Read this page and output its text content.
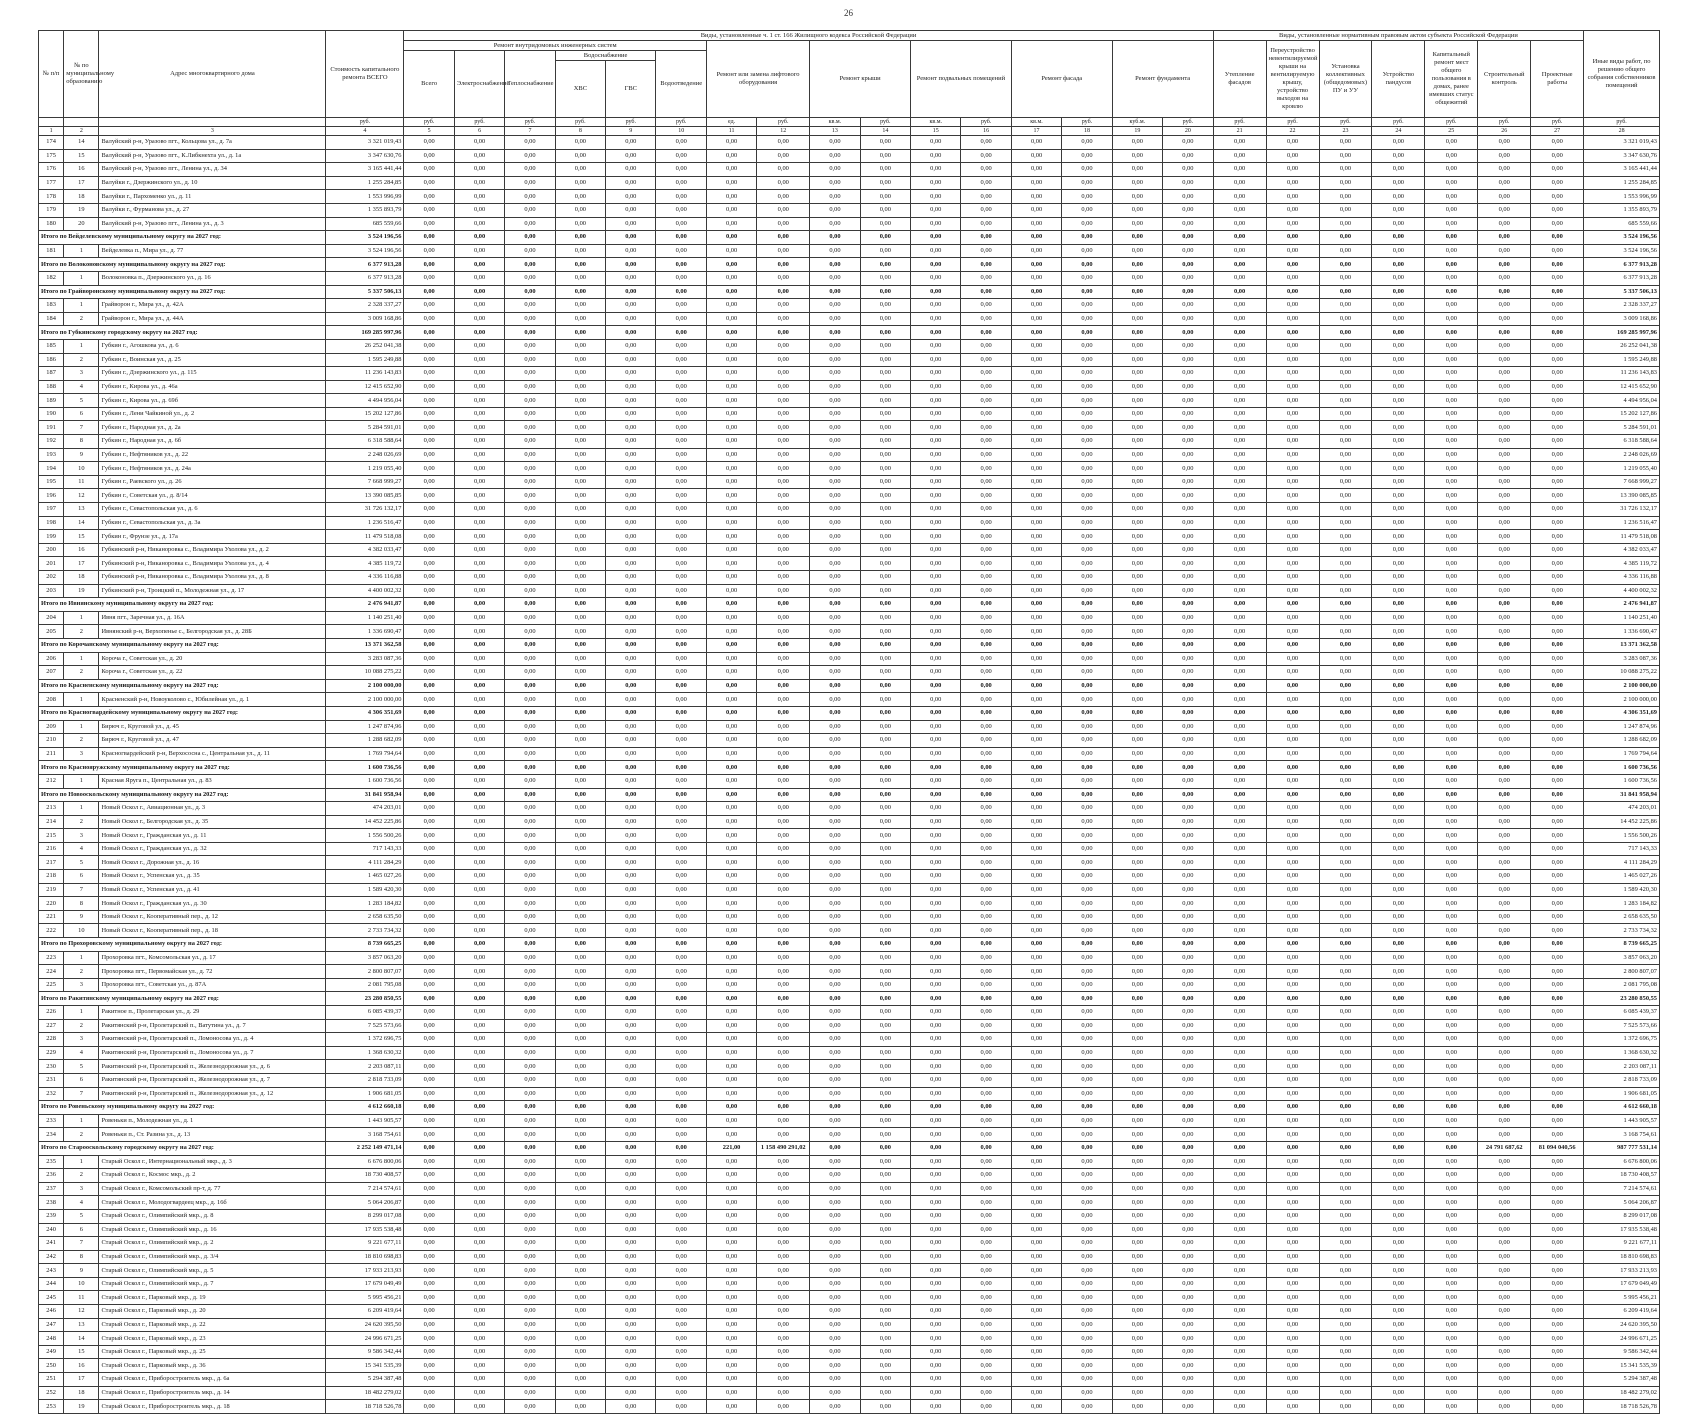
26
№ п/п	№ по муниципальному образованию	Адрес многоквартирного дома	Стоимость капитального ремонта ВСЕГО	Виды, установленные ч. 1 ст. 166 Жилищного кодекса Российской Федерации																Виды, установленные нормативным правовым актом субъекта Российской Федерации							Иные виды работ, по решению общего собрания собственников помещений
				Ремонт внутридомовых инженерных систем						Ремонт или замена лифтового оборудования		Ремонт крыши		Ремонт подвальных помещений		Ремонт фасада		Ремонт фундамента		Утепление фасадов	Переустройство невентилируемой крыши на вентилируемую крышу, устройство выходов на кровлю	Установка коллективных (общедомовых) ПУ и УУ	Устройство пандусов	Капитальный ремонт мест общего пользования в домах, ранее имевших статус общежитий	Строительный контроль	Проектные работы	
				Всего	Электроснабжение	Теплоснабжение	Водоснабжение		Водоотведение																		
							ХВС	ГВС																			
			руб.	руб.	руб.	руб.	руб.	руб.	руб.	ед.	руб.	кв.м.	руб.	кв.м.	руб.	кв.м.	руб.	куб.м.	руб.	руб.	руб.	руб.	руб.	руб.	руб.	руб.	руб.
1	2	3	4	5	6	7	8	9	10	11	12	13	14	15	16	17	18	19	20	21	22	23	24	25	26	27	28
174	14	Валуйский р-н, Уразово пгт., Кольцова ул., д. 7а	3 321 019,43	0,00	0,00	0,00	0,00	0,00	0,00	0,00	0,00	0,00	0,00	0,00	0,00	0,00	0,00	0,00	0,00	0,00	0,00	0,00	0,00	0,00	0,00	0,00	3 321 019,43
175	15	Валуйский р-н, Уразово пгт., К.Либкнехта ул., д. 1а	3 347 630,76	0,00	0,00	0,00	0,00	0,00	0,00	0,00	0,00	0,00	0,00	0,00	0,00	0,00	0,00	0,00	0,00	0,00	0,00	0,00	0,00	0,00	0,00	0,00	3 347 630,76
176	16	Валуйский р-н, Уразово пгт., Ленина ул., д. 34	3 165 441,44	0,00	0,00	0,00	0,00	0,00	0,00	0,00	0,00	0,00	0,00	0,00	0,00	0,00	0,00	0,00	0,00	0,00	0,00	0,00	0,00	0,00	0,00	0,00	3 165 441,44
177	17	Валуйки г., Дзержинского ул., д. 10	1 255 284,85	0,00	0,00	0,00	0,00	0,00	0,00	0,00	0,00	0,00	0,00	0,00	0,00	0,00	0,00	0,00	0,00	0,00	0,00	0,00	0,00	0,00	0,00	0,00	1 255 284,85
178	18	Валуйки г., Пархоменко ул., д. 11	1 553 996,99	0,00	0,00	0,00	0,00	0,00	0,00	0,00	0,00	0,00	0,00	0,00	0,00	0,00	0,00	0,00	0,00	0,00	0,00	0,00	0,00	0,00	0,00	0,00	1 553 996,99
179	19	Валуйки г., Фурманова ул., д. 27	1 355 893,79	0,00	0,00	0,00	0,00	0,00	0,00	0,00	0,00	0,00	0,00	0,00	0,00	0,00	0,00	0,00	0,00	0,00	0,00	0,00	0,00	0,00	0,00	0,00	1 355 893,79
180	20	Валуйский р-н, Уразово пгт., Ленина ул., д. 3	685 559,66	0,00	0,00	0,00	0,00	0,00	0,00	0,00	0,00	0,00	0,00	0,00	0,00	0,00	0,00	0,00	0,00	0,00	0,00	0,00	0,00	0,00	0,00	0,00	685 559,66
Итого по Вейделевскому муниципальному округу на 2027 год:			3 524 196,56	0,00	0,00	0,00	0,00	0,00	0,00	0,00	0,00	0,00	0,00	0,00	0,00	0,00	0,00	0,00	0,00	0,00	0,00	0,00	0,00	0,00	0,00	0,00	3 524 196,56
181	1	Вейделевка п., Мира ул., д. 77	3 524 196,56	0,00	0,00	0,00	0,00	0,00	0,00	0,00	0,00	0,00	0,00	0,00	0,00	0,00	0,00	0,00	0,00	0,00	0,00	0,00	0,00	0,00	0,00	0,00	3 524 196,56
Итого по Волоконовскому муниципальному округу на 2027 год:			6 377 913,28	0,00	0,00	0,00	0,00	0,00	0,00	0,00	0,00	0,00	0,00	0,00	0,00	0,00	0,00	0,00	0,00	0,00	0,00	0,00	0,00	0,00	0,00	0,00	6 377 913,28
182	1	Волоконовка п., Дзержинского ул., д. 16	6 377 913,28	0,00	0,00	0,00	0,00	0,00	0,00	0,00	0,00	0,00	0,00	0,00	0,00	0,00	0,00	0,00	0,00	0,00	0,00	0,00	0,00	0,00	0,00	0,00	6 377 913,28
Итого по Грайворонскому муниципальному округу на 2027 год:			5 337 506,13	0,00	0,00	0,00	0,00	0,00	0,00	0,00	0,00	0,00	0,00	0,00	0,00	0,00	0,00	0,00	0,00	0,00	0,00	0,00	0,00	0,00	0,00	0,00	5 337 506,13
183	1	Грайворон г., Мира ул., д. 42А	2 328 337,27	0,00	0,00	0,00	0,00	0,00	0,00	0,00	0,00	0,00	0,00	0,00	0,00	0,00	0,00	0,00	0,00	0,00	0,00	0,00	0,00	0,00	0,00	0,00	2 328 337,27
184	2	Грайворон г., Мира ул., д. 44А	3 009 168,86	0,00	0,00	0,00	0,00	0,00	0,00	0,00	0,00	0,00	0,00	0,00	0,00	0,00	0,00	0,00	0,00	0,00	0,00	0,00	0,00	0,00	0,00	0,00	3 009 168,86
Итого по Губкинскому городскому округу на 2027 год:			169 285 997,96	0,00	0,00	0,00	0,00	0,00	0,00	0,00	0,00	0,00	0,00	0,00	0,00	0,00	0,00	0,00	0,00	0,00	0,00	0,00	0,00	0,00	0,00	0,00	169 285 997,96
185	1	Губкин г., Агошкова ул., д. 6	26 252 041,38	0,00	0,00	0,00	0,00	0,00	0,00	0,00	0,00	0,00	0,00	0,00	0,00	0,00	0,00	0,00	0,00	0,00	0,00	0,00	0,00	0,00	0,00	0,00	26 252 041,38
186	2	Губкин г., Воинская ул., д. 25	1 595 249,88	0,00	0,00	0,00	0,00	0,00	0,00	0,00	0,00	0,00	0,00	0,00	0,00	0,00	0,00	0,00	0,00	0,00	0,00	0,00	0,00	0,00	0,00	0,00	1 595 249,88
187	3	Губкин г., Дзержинского ул., д. 115	11 236 143,83	0,00	0,00	0,00	0,00	0,00	0,00	0,00	0,00	0,00	0,00	0,00	0,00	0,00	0,00	0,00	0,00	0,00	0,00	0,00	0,00	0,00	0,00	0,00	11 236 143,83
188	4	Губкин г., Кирова ул., д. 46а	12 415 652,90	0,00	0,00	0,00	0,00	0,00	0,00	0,00	0,00	0,00	0,00	0,00	0,00	0,00	0,00	0,00	0,00	0,00	0,00	0,00	0,00	0,00	0,00	0,00	12 415 652,90
189	5	Губкин г., Кирова ул., д. 69б	4 494 956,04	0,00	0,00	0,00	0,00	0,00	0,00	0,00	0,00	0,00	0,00	0,00	0,00	0,00	0,00	0,00	0,00	0,00	0,00	0,00	0,00	0,00	0,00	0,00	4 494 956,04
190	6	Губкин г., Лени Чайкиной ул., д. 2	15 202 127,86	0,00	0,00	0,00	0,00	0,00	0,00	0,00	0,00	0,00	0,00	0,00	0,00	0,00	0,00	0,00	0,00	0,00	0,00	0,00	0,00	0,00	0,00	0,00	15 202 127,86
191	7	Губкин г., Народная ул., д. 2а	5 284 591,01	0,00	0,00	0,00	0,00	0,00	0,00	0,00	0,00	0,00	0,00	0,00	0,00	0,00	0,00	0,00	0,00	0,00	0,00	0,00	0,00	0,00	0,00	0,00	5 284 591,01
192	8	Губкин г., Народная ул., д. 6б	6 318 588,64	0,00	0,00	0,00	0,00	0,00	0,00	0,00	0,00	0,00	0,00	0,00	0,00	0,00	0,00	0,00	0,00	0,00	0,00	0,00	0,00	0,00	0,00	0,00	6 318 588,64
193	9	Губкин г., Нефтяников ул., д. 22	2 248 026,69	0,00	0,00	0,00	0,00	0,00	0,00	0,00	0,00	0,00	0,00	0,00	0,00	0,00	0,00	0,00	0,00	0,00	0,00	0,00	0,00	0,00	0,00	0,00	2 248 026,69
194	10	Губкин г., Нефтяников ул., д. 24а	1 219 055,40	0,00	0,00	0,00	0,00	0,00	0,00	0,00	0,00	0,00	0,00	0,00	0,00	0,00	0,00	0,00	0,00	0,00	0,00	0,00	0,00	0,00	0,00	0,00	1 219 055,40
195	11	Губкин г., Раевского ул., д. 26	7 668 999,27	0,00	0,00	0,00	0,00	0,00	0,00	0,00	0,00	0,00	0,00	0,00	0,00	0,00	0,00	0,00	0,00	0,00	0,00	0,00	0,00	0,00	0,00	0,00	7 668 999,27
196	12	Губкин г., Советская ул., д. 8/14	13 390 085,85	0,00	0,00	0,00	0,00	0,00	0,00	0,00	0,00	0,00	0,00	0,00	0,00	0,00	0,00	0,00	0,00	0,00	0,00	0,00	0,00	0,00	0,00	0,00	13 390 085,85
197	13	Губкин г., Севастопольская ул., д. 6	31 726 132,17	0,00	0,00	0,00	0,00	0,00	0,00	0,00	0,00	0,00	0,00	0,00	0,00	0,00	0,00	0,00	0,00	0,00	0,00	0,00	0,00	0,00	0,00	0,00	31 726 132,17
198	14	Губкин г., Севастопольская ул., д. 3а	1 236 516,47	0,00	0,00	0,00	0,00	0,00	0,00	0,00	0,00	0,00	0,00	0,00	0,00	0,00	0,00	0,00	0,00	0,00	0,00	0,00	0,00	0,00	0,00	0,00	1 236 516,47
199	15	Губкин г., Фрунзе ул., д. 17а	11 479 518,08	0,00	0,00	0,00	0,00	0,00	0,00	0,00	0,00	0,00	0,00	0,00	0,00	0,00	0,00	0,00	0,00	0,00	0,00	0,00	0,00	0,00	0,00	0,00	11 479 518,08
200	16	Губкинский р-н, Никаноровка с., Владимира Ухолова ул., д. 2	4 382 033,47	0,00	0,00	0,00	0,00	0,00	0,00	0,00	0,00	0,00	0,00	0,00	0,00	0,00	0,00	0,00	0,00	0,00	0,00	0,00	0,00	0,00	0,00	0,00	4 382 033,47
201	17	Губкинский р-н, Никаноровка с., Владимира Ухолова ул., д. 4	4 385 119,72	0,00	0,00	0,00	0,00	0,00	0,00	0,00	0,00	0,00	0,00	0,00	0,00	0,00	0,00	0,00	0,00	0,00	0,00	0,00	0,00	0,00	0,00	0,00	4 385 119,72
202	18	Губкинский р-н, Никаноровка с., Владимира Ухолова ул., д. 8	4 336 116,88	0,00	0,00	0,00	0,00	0,00	0,00	0,00	0,00	0,00	0,00	0,00	0,00	0,00	0,00	0,00	0,00	0,00	0,00	0,00	0,00	0,00	0,00	0,00	4 336 116,88
203	19	Губкинский р-н, Троицкий п., Молодежная ул., д. 17	4 400 002,32	0,00	0,00	0,00	0,00	0,00	0,00	0,00	0,00	0,00	0,00	0,00	0,00	0,00	0,00	0,00	0,00	0,00	0,00	0,00	0,00	0,00	0,00	0,00	4 400 002,32
Итого по Ивнянскому муниципальному округу на 2027 год:			2 476 941,87	0,00	0,00	0,00	0,00	0,00	0,00	0,00	0,00	0,00	0,00	0,00	0,00	0,00	0,00	0,00	0,00	0,00	0,00	0,00	0,00	0,00	0,00	0,00	2 476 941,87
204	1	Ивня пгт., Заречная ул., д. 16А	1 140 251,40	0,00	0,00	0,00	0,00	0,00	0,00	0,00	0,00	0,00	0,00	0,00	0,00	0,00	0,00	0,00	0,00	0,00	0,00	0,00	0,00	0,00	0,00	0,00	1 140 251,40
205	2	Ивнянский р-н, Верхопенье с., Белгородская ул., д. 28Б	1 336 690,47	0,00	0,00	0,00	0,00	0,00	0,00	0,00	0,00	0,00	0,00	0,00	0,00	0,00	0,00	0,00	0,00	0,00	0,00	0,00	0,00	0,00	0,00	0,00	1 336 690,47
Итого по Корочанскому муниципальному округу на 2027 год:			13 371 362,58	0,00	0,00	0,00	0,00	0,00	0,00	0,00	0,00	0,00	0,00	0,00	0,00	0,00	0,00	0,00	0,00	0,00	0,00	0,00	0,00	0,00	0,00	0,00	13 371 362,58
206	1	Короча г., Советская ул., д. 20	3 283 087,36	0,00	0,00	0,00	0,00	0,00	0,00	0,00	0,00	0,00	0,00	0,00	0,00	0,00	0,00	0,00	0,00	0,00	0,00	0,00	0,00	0,00	0,00	0,00	3 283 087,36
207	2	Короча г., Советская ул., д. 22	10 088 275,22	0,00	0,00	0,00	0,00	0,00	0,00	0,00	0,00	0,00	0,00	0,00	0,00	0,00	0,00	0,00	0,00	0,00	0,00	0,00	0,00	0,00	0,00	0,00	10 088 275,22
Итого по Красненскому муниципальному округу на 2027 год:			2 100 000,00	0,00	0,00	0,00	0,00	0,00	0,00	0,00	0,00	0,00	0,00	0,00	0,00	0,00	0,00	0,00	0,00	0,00	0,00	0,00	0,00	0,00	0,00	0,00	2 100 000,00
208	1	Красненский р-н, Новоуколово с., Юбилейная ул., д. 1	2 100 000,00	0,00	0,00	0,00	0,00	0,00	0,00	0,00	0,00	0,00	0,00	0,00	0,00	0,00	0,00	0,00	0,00	0,00	0,00	0,00	0,00	0,00	0,00	0,00	2 100 000,00
Итого по Красногвардейскому муниципальному округу на 2027 год:			4 306 351,69	0,00	0,00	0,00	0,00	0,00	0,00	0,00	0,00	0,00	0,00	0,00	0,00	0,00	0,00	0,00	0,00	0,00	0,00	0,00	0,00	0,00	0,00	0,00	4 306 351,69
209	1	Бирюч г., Круговой ул., д. 45	1 247 874,96	0,00	0,00	0,00	0,00	0,00	0,00	0,00	0,00	0,00	0,00	0,00	0,00	0,00	0,00	0,00	0,00	0,00	0,00	0,00	0,00	0,00	0,00	0,00	1 247 874,96
210	2	Бирюч г., Круговой ул., д. 47	1 288 682,09	0,00	0,00	0,00	0,00	0,00	0,00	0,00	0,00	0,00	0,00	0,00	0,00	0,00	0,00	0,00	0,00	0,00	0,00	0,00	0,00	0,00	0,00	0,00	1 288 682,09
211	3	Красногвардейский р-н, Верхососна с., Центральная ул., д. 11	1 769 794,64	0,00	0,00	0,00	0,00	0,00	0,00	0,00	0,00	0,00	0,00	0,00	0,00	0,00	0,00	0,00	0,00	0,00	0,00	0,00	0,00	0,00	0,00	0,00	1 769 794,64
Итого по Краснояружскому муниципальному округу на 2027 год:			1 600 736,56	0,00	0,00	0,00	0,00	0,00	0,00	0,00	0,00	0,00	0,00	0,00	0,00	0,00	0,00	0,00	0,00	0,00	0,00	0,00	0,00	0,00	0,00	0,00	1 600 736,56
212	1	Красная Яруга п., Центральная ул., д. 83	1 600 736,56	0,00	0,00	0,00	0,00	0,00	0,00	0,00	0,00	0,00	0,00	0,00	0,00	0,00	0,00	0,00	0,00	0,00	0,00	0,00	0,00	0,00	0,00	0,00	1 600 736,56
Итого по Новооскольскому муниципальному округу на 2027 год:			31 841 958,94	0,00	0,00	0,00	0,00	0,00	0,00	0,00	0,00	0,00	0,00	0,00	0,00	0,00	0,00	0,00	0,00	0,00	0,00	0,00	0,00	0,00	0,00	0,00	31 841 958,94
213	1	Новый Оскол г., Авиационная ул., д. 3	474 203,01	0,00	0,00	0,00	0,00	0,00	0,00	0,00	0,00	0,00	0,00	0,00	0,00	0,00	0,00	0,00	0,00	0,00	0,00	0,00	0,00	0,00	0,00	0,00	474 203,01
214	2	Новый Оскол г., Белгородская ул., д. 35	14 452 225,86	0,00	0,00	0,00	0,00	0,00	0,00	0,00	0,00	0,00	0,00	0,00	0,00	0,00	0,00	0,00	0,00	0,00	0,00	0,00	0,00	0,00	0,00	0,00	14 452 225,86
215	3	Новый Оскол г., Гражданская ул., д. 11	1 556 500,26	0,00	0,00	0,00	0,00	0,00	0,00	0,00	0,00	0,00	0,00	0,00	0,00	0,00	0,00	0,00	0,00	0,00	0,00	0,00	0,00	0,00	0,00	0,00	1 556 500,26
216	4	Новый Оскол г., Гражданская ул., д. 32	717 143,33	0,00	0,00	0,00	0,00	0,00	0,00	0,00	0,00	0,00	0,00	0,00	0,00	0,00	0,00	0,00	0,00	0,00	0,00	0,00	0,00	0,00	0,00	0,00	717 143,33
217	5	Новый Оскол г., Дорожная ул., д. 16	4 111 284,29	0,00	0,00	0,00	0,00	0,00	0,00	0,00	0,00	0,00	0,00	0,00	0,00	0,00	0,00	0,00	0,00	0,00	0,00	0,00	0,00	0,00	0,00	0,00	4 111 284,29
218	6	Новый Оскол г., Успенская ул., д. 35	1 465 027,26	0,00	0,00	0,00	0,00	0,00	0,00	0,00	0,00	0,00	0,00	0,00	0,00	0,00	0,00	0,00	0,00	0,00	0,00	0,00	0,00	0,00	0,00	0,00	1 465 027,26
219	7	Новый Оскол г., Успенская ул., д. 41	1 589 420,30	0,00	0,00	0,00	0,00	0,00	0,00	0,00	0,00	0,00	0,00	0,00	0,00	0,00	0,00	0,00	0,00	0,00	0,00	0,00	0,00	0,00	0,00	0,00	1 589 420,30
220	8	Новый Оскол г., Гражданская ул., д. 30	1 283 184,82	0,00	0,00	0,00	0,00	0,00	0,00	0,00	0,00	0,00	0,00	0,00	0,00	0,00	0,00	0,00	0,00	0,00	0,00	0,00	0,00	0,00	0,00	0,00	1 283 184,82
221	9	Новый Оскол г., Кооперативный пер., д. 12	2 658 635,50	0,00	0,00	0,00	0,00	0,00	0,00	0,00	0,00	0,00	0,00	0,00	0,00	0,00	0,00	0,00	0,00	0,00	0,00	0,00	0,00	0,00	0,00	0,00	2 658 635,50
222	10	Новый Оскол г., Кооперативный пер., д. 18	2 733 734,32	0,00	0,00	0,00	0,00	0,00	0,00	0,00	0,00	0,00	0,00	0,00	0,00	0,00	0,00	0,00	0,00	0,00	0,00	0,00	0,00	0,00	0,00	0,00	2 733 734,32
Итого по Прохоровскому муниципальному округу на 2027 год:			8 739 665,25	0,00	0,00	0,00	0,00	0,00	0,00	0,00	0,00	0,00	0,00	0,00	0,00	0,00	0,00	0,00	0,00	0,00	0,00	0,00	0,00	0,00	0,00	0,00	8 739 665,25
223	1	Прохоровка пгт., Комсомольская ул., д. 17	3 857 063,20	0,00	0,00	0,00	0,00	0,00	0,00	0,00	0,00	0,00	0,00	0,00	0,00	0,00	0,00	0,00	0,00	0,00	0,00	0,00	0,00	0,00	0,00	0,00	3 857 063,20
224	2	Прохоровка пгт., Первомайская ул., д. 72	2 800 807,07	0,00	0,00	0,00	0,00	0,00	0,00	0,00	0,00	0,00	0,00	0,00	0,00	0,00	0,00	0,00	0,00	0,00	0,00	0,00	0,00	0,00	0,00	0,00	2 800 807,07
225	3	Прохоровка пгт., Советская ул., д. 87А	2 081 795,08	0,00	0,00	0,00	0,00	0,00	0,00	0,00	0,00	0,00	0,00	0,00	0,00	0,00	0,00	0,00	0,00	0,00	0,00	0,00	0,00	0,00	0,00	0,00	2 081 795,08
Итого по Ракитянскому муниципальному округу на 2027 год:			23 280 850,55	0,00	0,00	0,00	0,00	0,00	0,00	0,00	0,00	0,00	0,00	0,00	0,00	0,00	0,00	0,00	0,00	0,00	0,00	0,00	0,00	0,00	0,00	0,00	23 280 850,55
226	1	Ракитное п., Пролетарская ул., д. 29	6 085 439,37	0,00	0,00	0,00	0,00	0,00	0,00	0,00	0,00	0,00	0,00	0,00	0,00	0,00	0,00	0,00	0,00	0,00	0,00	0,00	0,00	0,00	0,00	0,00	6 085 439,37
227	2	Ракитянский р-н, Пролетарский п., Ватутина ул., д. 7	7 525 573,66	0,00	0,00	0,00	0,00	0,00	0,00	0,00	0,00	0,00	0,00	0,00	0,00	0,00	0,00	0,00	0,00	0,00	0,00	0,00	0,00	0,00	0,00	0,00	7 525 573,66
228	3	Ракитянский р-н, Пролетарский п., Ломоносова ул., д. 4	1 372 696,75	0,00	0,00	0,00	0,00	0,00	0,00	0,00	0,00	0,00	0,00	0,00	0,00	0,00	0,00	0,00	0,00	0,00	0,00	0,00	0,00	0,00	0,00	0,00	1 372 696,75
229	4	Ракитянский р-н, Пролетарский п., Ломоносова ул., д. 7	1 368 630,32	0,00	0,00	0,00	0,00	0,00	0,00	0,00	0,00	0,00	0,00	0,00	0,00	0,00	0,00	0,00	0,00	0,00	0,00	0,00	0,00	0,00	0,00	0,00	1 368 630,32
230	5	Ракитянский р-н, Пролетарский п., Железнодорожная ул., д. 6	2 203 087,11	0,00	0,00	0,00	0,00	0,00	0,00	0,00	0,00	0,00	0,00	0,00	0,00	0,00	0,00	0,00	0,00	0,00	0,00	0,00	0,00	0,00	0,00	0,00	2 203 087,11
231	6	Ракитянский р-н, Пролетарский п., Железнодорожная ул., д. 7	2 818 733,09	0,00	0,00	0,00	0,00	0,00	0,00	0,00	0,00	0,00	0,00	0,00	0,00	0,00	0,00	0,00	0,00	0,00	0,00	0,00	0,00	0,00	0,00	0,00	2 818 733,09
232	7	Ракитянский р-н, Пролетарский п., Железнодорожная ул., д. 12	1 906 681,05	0,00	0,00	0,00	0,00	0,00	0,00	0,00	0,00	0,00	0,00	0,00	0,00	0,00	0,00	0,00	0,00	0,00	0,00	0,00	0,00	0,00	0,00	0,00	1 906 681,05
Итого по Ровеньскому муниципальному округу на 2027 год:			4 612 660,18	0,00	0,00	0,00	0,00	0,00	0,00	0,00	0,00	0,00	0,00	0,00	0,00	0,00	0,00	0,00	0,00	0,00	0,00	0,00	0,00	0,00	0,00	0,00	4 612 660,18
233	1	Ровеньки п., Молодежная ул., д. 1	1 443 905,57	0,00	0,00	0,00	0,00	0,00	0,00	0,00	0,00	0,00	0,00	0,00	0,00	0,00	0,00	0,00	0,00	0,00	0,00	0,00	0,00	0,00	0,00	0,00	1 443 905,57
234	2	Ровеньки п., Ст. Разина ул., д. 13	3 168 754,61	0,00	0,00	0,00	0,00	0,00	0,00	0,00	0,00	0,00	0,00	0,00	0,00	0,00	0,00	0,00	0,00	0,00	0,00	0,00	0,00	0,00	0,00	0,00	3 168 754,61
Итого по Старооскольскому городскому округу на 2027 год:			2 252 149 471,14	0,00	0,00	0,00	0,00	0,00	0,00	221,00	1 158 490 291,02	0,00	0,00	0,00	0,00	0,00	0,00	0,00	0,00	0,00	0,00	0,00	0,00	0,00	24 791 687,62	81 094 040,56	987 777 531,14
235	1	Старый Оскол г., Интернациональный мкр., д. 3	6 676 800,06	0,00	0,00	0,00	0,00	0,00	0,00	0,00	0,00	0,00	0,00	0,00	0,00	0,00	0,00	0,00	0,00	0,00	0,00	0,00	0,00	0,00	0,00	0,00	6 676 800,06
236	2	Старый Оскол г., Космос мкр., д. 2	18 730 408,57	0,00	0,00	0,00	0,00	0,00	0,00	0,00	0,00	0,00	0,00	0,00	0,00	0,00	0,00	0,00	0,00	0,00	0,00	0,00	0,00	0,00	0,00	0,00	18 730 408,57
237	3	Старый Оскол г., Комсомольский пр-т, д. 77	7 214 574,61	0,00	0,00	0,00	0,00	0,00	0,00	0,00	0,00	0,00	0,00	0,00	0,00	0,00	0,00	0,00	0,00	0,00	0,00	0,00	0,00	0,00	0,00	0,00	7 214 574,61
238	4	Старый Оскол г., Молодогвардеец мкр., д. 16б	5 064 206,87	0,00	0,00	0,00	0,00	0,00	0,00	0,00	0,00	0,00	0,00	0,00	0,00	0,00	0,00	0,00	0,00	0,00	0,00	0,00	0,00	0,00	0,00	0,00	5 064 206,87
239	5	Старый Оскол г., Олимпийский мкр., д. 8	8 299 017,08	0,00	0,00	0,00	0,00	0,00	0,00	0,00	0,00	0,00	0,00	0,00	0,00	0,00	0,00	0,00	0,00	0,00	0,00	0,00	0,00	0,00	0,00	0,00	8 299 017,08
240	6	Старый Оскол г., Олимпийский мкр., д. 16	17 935 538,48	0,00	0,00	0,00	0,00	0,00	0,00	0,00	0,00	0,00	0,00	0,00	0,00	0,00	0,00	0,00	0,00	0,00	0,00	0,00	0,00	0,00	0,00	0,00	17 935 538,48
241	7	Старый Оскол г., Олимпийский мкр., д. 2	9 221 677,11	0,00	0,00	0,00	0,00	0,00	0,00	0,00	0,00	0,00	0,00	0,00	0,00	0,00	0,00	0,00	0,00	0,00	0,00	0,00	0,00	0,00	0,00	0,00	9 221 677,11
242	8	Старый Оскол г., Олимпийский мкр., д. 3/4	18 810 698,83	0,00	0,00	0,00	0,00	0,00	0,00	0,00	0,00	0,00	0,00	0,00	0,00	0,00	0,00	0,00	0,00	0,00	0,00	0,00	0,00	0,00	0,00	0,00	18 810 698,83
243	9	Старый Оскол г., Олимпийский мкр., д. 5	17 933 213,93	0,00	0,00	0,00	0,00	0,00	0,00	0,00	0,00	0,00	0,00	0,00	0,00	0,00	0,00	0,00	0,00	0,00	0,00	0,00	0,00	0,00	0,00	0,00	17 933 213,93
244	10	Старый Оскол г., Олимпийский мкр., д. 7	17 679 049,49	0,00	0,00	0,00	0,00	0,00	0,00	0,00	0,00	0,00	0,00	0,00	0,00	0,00	0,00	0,00	0,00	0,00	0,00	0,00	0,00	0,00	0,00	0,00	17 679 049,49
245	11	Старый Оскол г., Парковый мкр., д. 19	5 995 456,21	0,00	0,00	0,00	0,00	0,00	0,00	0,00	0,00	0,00	0,00	0,00	0,00	0,00	0,00	0,00	0,00	0,00	0,00	0,00	0,00	0,00	0,00	0,00	5 995 456,21
246	12	Старый Оскол г., Парковый мкр., д. 20	6 209 419,64	0,00	0,00	0,00	0,00	0,00	0,00	0,00	0,00	0,00	0,00	0,00	0,00	0,00	0,00	0,00	0,00	0,00	0,00	0,00	0,00	0,00	0,00	0,00	6 209 419,64
247	13	Старый Оскол г., Парковый мкр., д. 22	24 620 395,50	0,00	0,00	0,00	0,00	0,00	0,00	0,00	0,00	0,00	0,00	0,00	0,00	0,00	0,00	0,00	0,00	0,00	0,00	0,00	0,00	0,00	0,00	0,00	24 620 395,50
248	14	Старый Оскол г., Парковый мкр., д. 23	24 996 671,25	0,00	0,00	0,00	0,00	0,00	0,00	0,00	0,00	0,00	0,00	0,00	0,00	0,00	0,00	0,00	0,00	0,00	0,00	0,00	0,00	0,00	0,00	0,00	24 996 671,25
249	15	Старый Оскол г., Парковый мкр., д. 25	9 586 342,44	0,00	0,00	0,00	0,00	0,00	0,00	0,00	0,00	0,00	0,00	0,00	0,00	0,00	0,00	0,00	0,00	0,00	0,00	0,00	0,00	0,00	0,00	0,00	9 586 342,44
250	16	Старый Оскол г., Парковый мкр., д. 36	15 341 535,39	0,00	0,00	0,00	0,00	0,00	0,00	0,00	0,00	0,00	0,00	0,00	0,00	0,00	0,00	0,00	0,00	0,00	0,00	0,00	0,00	0,00	0,00	0,00	15 341 535,39
251	17	Старый Оскол г., Приборостроитель мкр., д. 6а	5 294 387,48	0,00	0,00	0,00	0,00	0,00	0,00	0,00	0,00	0,00	0,00	0,00	0,00	0,00	0,00	0,00	0,00	0,00	0,00	0,00	0,00	0,00	0,00	0,00	5 294 387,48
252	18	Старый Оскол г., Приборостроитель мкр., д. 14	18 482 279,02	0,00	0,00	0,00	0,00	0,00	0,00	0,00	0,00	0,00	0,00	0,00	0,00	0,00	0,00	0,00	0,00	0,00	0,00	0,00	0,00	0,00	0,00	0,00	18 482 279,02
253	19	Старый Оскол г., Приборостроитель мкр., д. 18	18 718 526,78	0,00	0,00	0,00	0,00	0,00	0,00	0,00	0,00	0,00	0,00	0,00	0,00	0,00	0,00	0,00	0,00	0,00	0,00	0,00	0,00	0,00	0,00	0,00	18 718 526,78
